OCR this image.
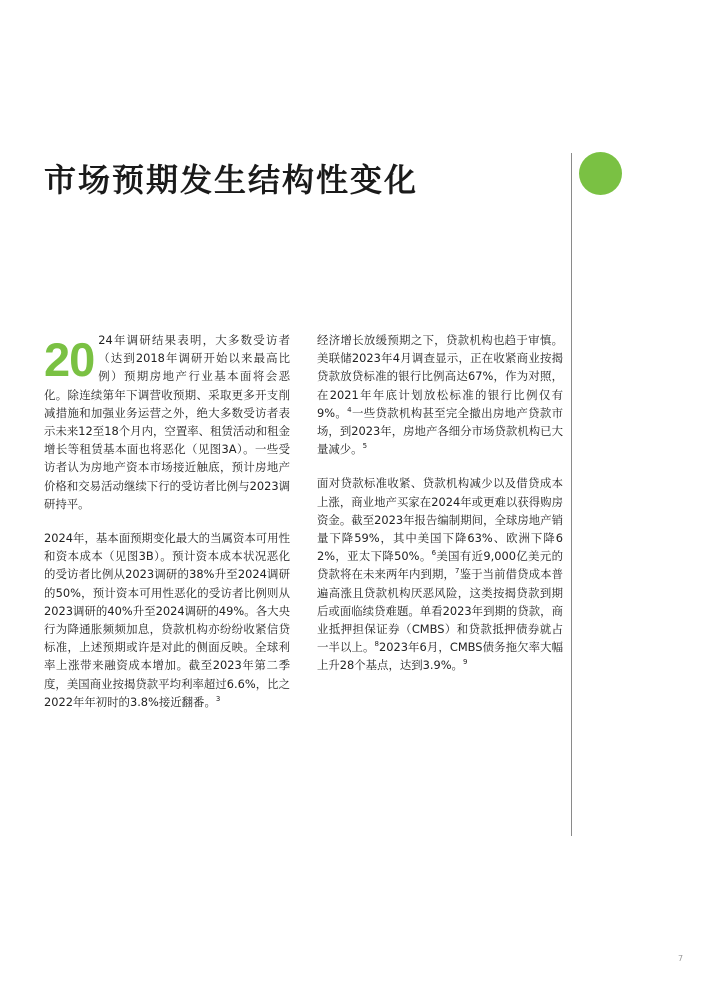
市场预期发生结构性变化

20 24年调研结果表明，大多数受访者（达到2018年调研开始以来最高比例）预期房地产行业基本面将会恶化。除连续第年下调营收预期、采取更多开支削减措施和加强业务运营之外，绝大多数受访者表示未来12至18个月内，空置率、租赁活动和租金增长等租赁基本面也将恶化（见图3A）。一些受访者认为房地产资本市场接近触底，预计房地产价格和交易活动继续下行的受访者比例与2023调研持平。

2024年，基本面预期变化最大的当属资本可用性和资本成本（见图3B）。预计资本成本状况恶化的受访者比例从2023调研的38%升至2024调研的50%，预计资本可用性恶化的受访者比例则从2023调研的40%升至2024调研的49%。各大央行为降通胀频频加息，贷款机构亦纷纷收紧信贷标准，上述预期或许是对此的侧面反映。全球利率上涨带来融资成本增加。截至2023年第二季度，美国商业按揭贷款平均利率超过6.6%，比之2022年年初时的3.8%接近翻番。$^3$

经济增长放缓预期之下，贷款机构也趋于审慎。美联储2023年4月调查显示，正在收紧商业按揭贷款放贷标准的银行比例高达67%，作为对照，在2021年年底计划放松标准的银行比例仅有9%。$^4$一些贷款机构甚至完全撤出房地产贷款市场，到2023年，房地产各细分市场贷款机构已大量减少。$^5$

面对贷款标准收紧、贷款机构减少以及借贷成本上涨，商业地产买家在2024年或更难以获得购房资金。截至2023年报告编制期间，全球房地产销量下降59%，其中美国下降63%、欧洲下降62%，亚太下降50%。$^6$美国有近9,000亿美元的贷款将在未来两年内到期，$^7$鉴于当前借贷成本普遍高涨且贷款机构厌恶风险，这类按揭贷款到期后或面临续贷难题。单看2023年到期的贷款，商业抵押担保证券（CMBS）和贷款抵押债券就占一半以上。$^8$2023年6月，CMBS债务拖欠率大幅上升28个基点，达到3.9%。$^9$

7
